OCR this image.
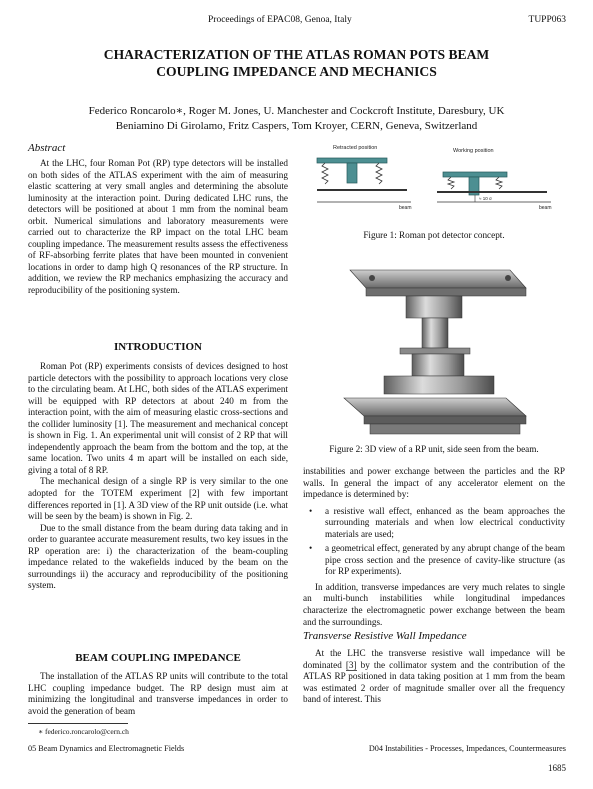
Proceedings of EPAC08, Genoa, Italy	TUPP063
CHARACTERIZATION OF THE ATLAS ROMAN POTS BEAM
COUPLING IMPEDANCE AND MECHANICS
Federico Roncarolo∗, Roger M. Jones, U. Manchester and Cockcroft Institute, Daresbury, UK
Beniamino Di Girolamo, Fritz Caspers, Tom Kroyer, CERN, Geneva, Switzerland
Abstract

At the LHC, four Roman Pot (RP) type detectors will be installed on both sides of the ATLAS experiment with the aim of measuring elastic scattering at very small angles and determining the absolute luminosity at the interaction point. During dedicated LHC runs, the detectors will be positioned at about 1 mm from the nominal beam orbit. Numerical simulations and laboratory measurements were carried out to characterize the RP impact on the total LHC beam coupling impedance. The measurement results assess the effectiveness of RF-absorbing ferrite plates that have been mounted in convenient locations in order to damp high Q resonances of the RP structure. In addition, we review the RP mechanics emphasizing the accuracy and reproducibility of the positioning system.

INTRODUCTION

Roman Pot (RP) experiments consists of devices designed to host particle detectors with the possibility to approach locations very close to the circulating beam. At LHC, both sides of the ATLAS experiment will be equipped with RP detectors at about 240 m from the interaction point, with the aim of measuring elastic cross-sections and the collider luminosity [1]. The measurement and mechanical concept is shown in Fig. 1. An experimental unit will consist of 2 RP that will independently approach the beam from the bottom and the top, at the same location. Two units 4 m apart will be installed on each side, giving a total of 8 RP.

The mechanical design of a single RP is very similar to the one adopted for the TOTEM experiment [2] with few important differences reported in [1]. A 3D view of the RP unit outside (i.e. what will be seen by the beam) is shown in Fig. 2.

Due to the small distance from the beam during data taking and in order to guarantee accurate measurement results, two key issues in the RP operation are: i) the characterization of the beam-coupling impedance related to the wakefields induced by the beam on the surroundings ii) the accuracy and reproducibility of the positioning system.

BEAM COUPLING IMPEDANCE

The installation of the ATLAS RP units will contribute to the total LHC coupling impedance budget. The RP design must aim at minimizing the longitudinal and transverse impedances in order to avoid the generation of beam

∗ federico.roncarolo@cern.ch
Retracted position	Working position
beam	beam
≈ 10 σ
Figure 1: Roman pot detector concept.
Figure 2: 3D view of a RP unit, side seen from the beam.

instabilities and power exchange between the particles and the RP walls. In general the impact of any accelerator element on the impedance is determined by:

• a resistive wall effect, enhanced as the beam approaches the surrounding materials and when low electrical conductivity materials are used;
• a geometrical effect, generated by any abrupt change of the beam pipe cross section and the presence of cavity-like structure (as for RP experiments).

In addition, transverse impedances are very much relates to single an multi-bunch instabilities while longitudinal impedances characterize the electromagnetic power exchange between the beam and the surroundings.

Transverse Resistive Wall Impedance

At the LHC the transverse resistive wall impedance will be dominated [3] by the collimator system and the contribution of the ATLAS RP positioned in data taking position at 1 mm from the beam was estimated 2 order of magnitude smaller over all the frequency band of interest. This

05 Beam Dynamics and Electromagnetic Fields	D04 Instabilities - Processes, Impedances, Countermeasures
1685
